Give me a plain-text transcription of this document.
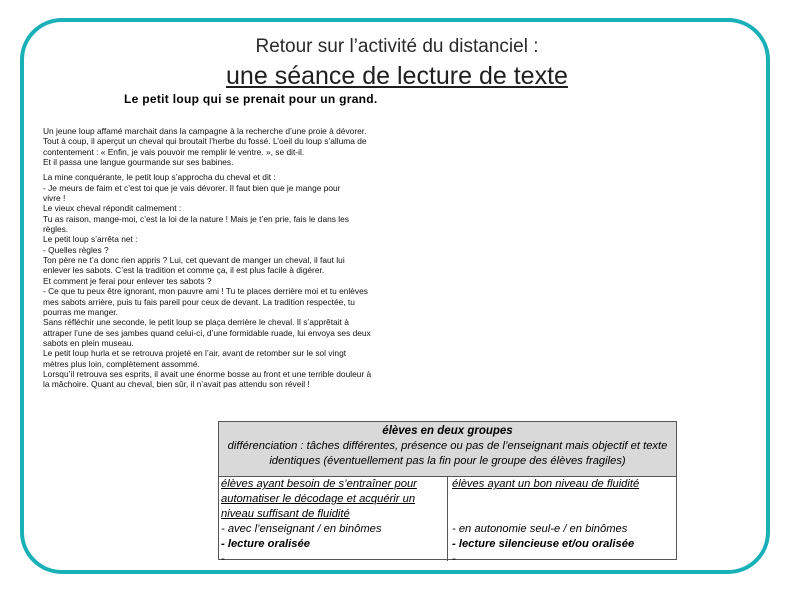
Retour sur l’activité du distanciel :
une séance de lecture de texte
Le petit loup qui se prenait pour un grand.

Un jeune loup affamé marchait dans la campagne à la recherche d’une proie à dévorer.
Tout à coup, il aperçut un cheval qui broutait l’herbe du fossé. L’oeil du loup s’alluma de
contentement : « Enfin, je vais pouvoir me remplir le ventre. », se dit-il.
Et il passa une langue gourmande sur ses babines.

La mine conquérante, le petit loup s’approcha du cheval et dit :
- Je meurs de faim et c’est toi que je vais dévorer. Il faut bien que je mange pour
vivre !
Le vieux cheval répondit calmement :
Tu as raison, mange-moi, c’est la loi de la nature ! Mais je t’en prie, fais le dans les
règles.
Le petit loup s’arrêta net :
- Quelles règles ?
Ton père ne t’a donc rien appris ? Lui, cet quevant de manger un cheval, il faut lui
enlever les sabots. C’est la tradition et comme ça, il est plus facile à digérer.
Et comment je ferai pour enlever tes sabots ?
- Ce que tu peux être ignorant, mon pauvre ami ! Tu te places derrière moi et tu enlèves
mes sabots arrière, puis tu fais pareil pour ceux de devant. La tradition respectée, tu
pourras me manger.
Sans réfléchir une seconde, le petit loup se plaça derrière le cheval. Il s’apprêtait à
attraper l’une de ses jambes quand celui-ci, d’une formidable ruade, lui envoya ses deux
sabots en plein museau.
Le petit loup hurla et se retrouva projeté en l’air, avant de retomber sur le sol vingt
mètres plus loin, complètement assommé.
Lorsqu’il retrouva ses esprits, il avait une énorme bosse au front et une terrible douleur à
la mâchoire. Quant au cheval, bien sûr, il n’avait pas attendu son réveil !

élèves en deux groupes
différenciation : tâches différentes, présence ou pas de l’enseignant mais objectif et texte
identiques (éventuellement pas la fin pour le groupe des élèves fragiles)
élèves ayant besoin de s’entraîner pour
automatiser le décodage et acquérir un
niveau suffisant de fluidité
- avec l’enseignant / en binômes
- lecture oralisée
-
élèves ayant un bon niveau de fluidité
- en autonomie seul-e / en binômes
- lecture silencieuse et/ou oralisée
-
